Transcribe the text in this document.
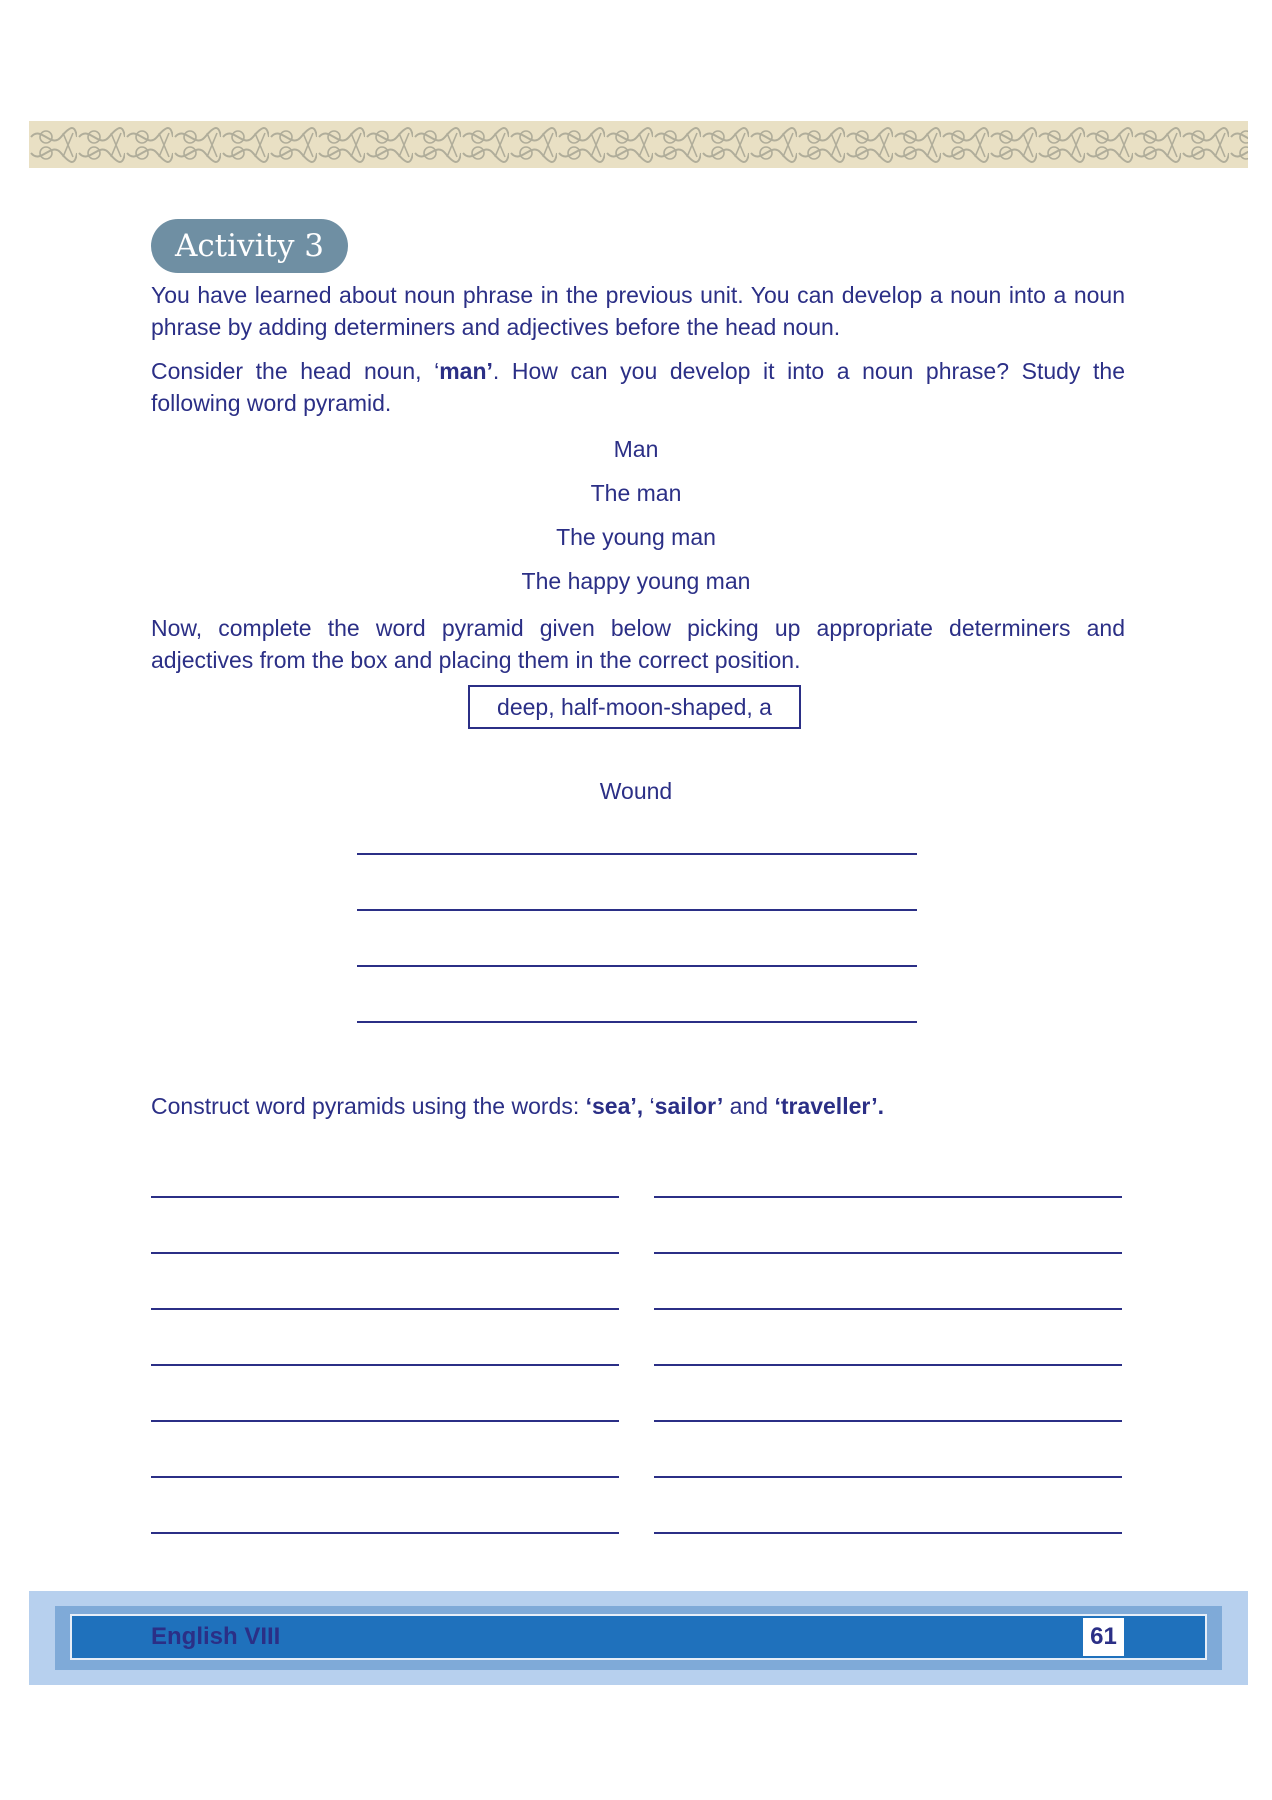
Activity 3

You have learned about noun phrase in the previous unit. You can develop a noun into a noun phrase by adding determiners and adjectives before the head noun.

Consider the head noun, ‘man’. How can you develop it into a noun phrase? Study the following word pyramid.

Man
The man
The young man
The happy young man

Now, complete the word pyramid given below picking up appropriate determiners and adjectives from the box and placing them in the correct position.

deep, half-moon-shaped, a
Wound

Construct word pyramids using the words: ‘sea’, ‘sailor’ and ‘traveller’.

English VIII	61
